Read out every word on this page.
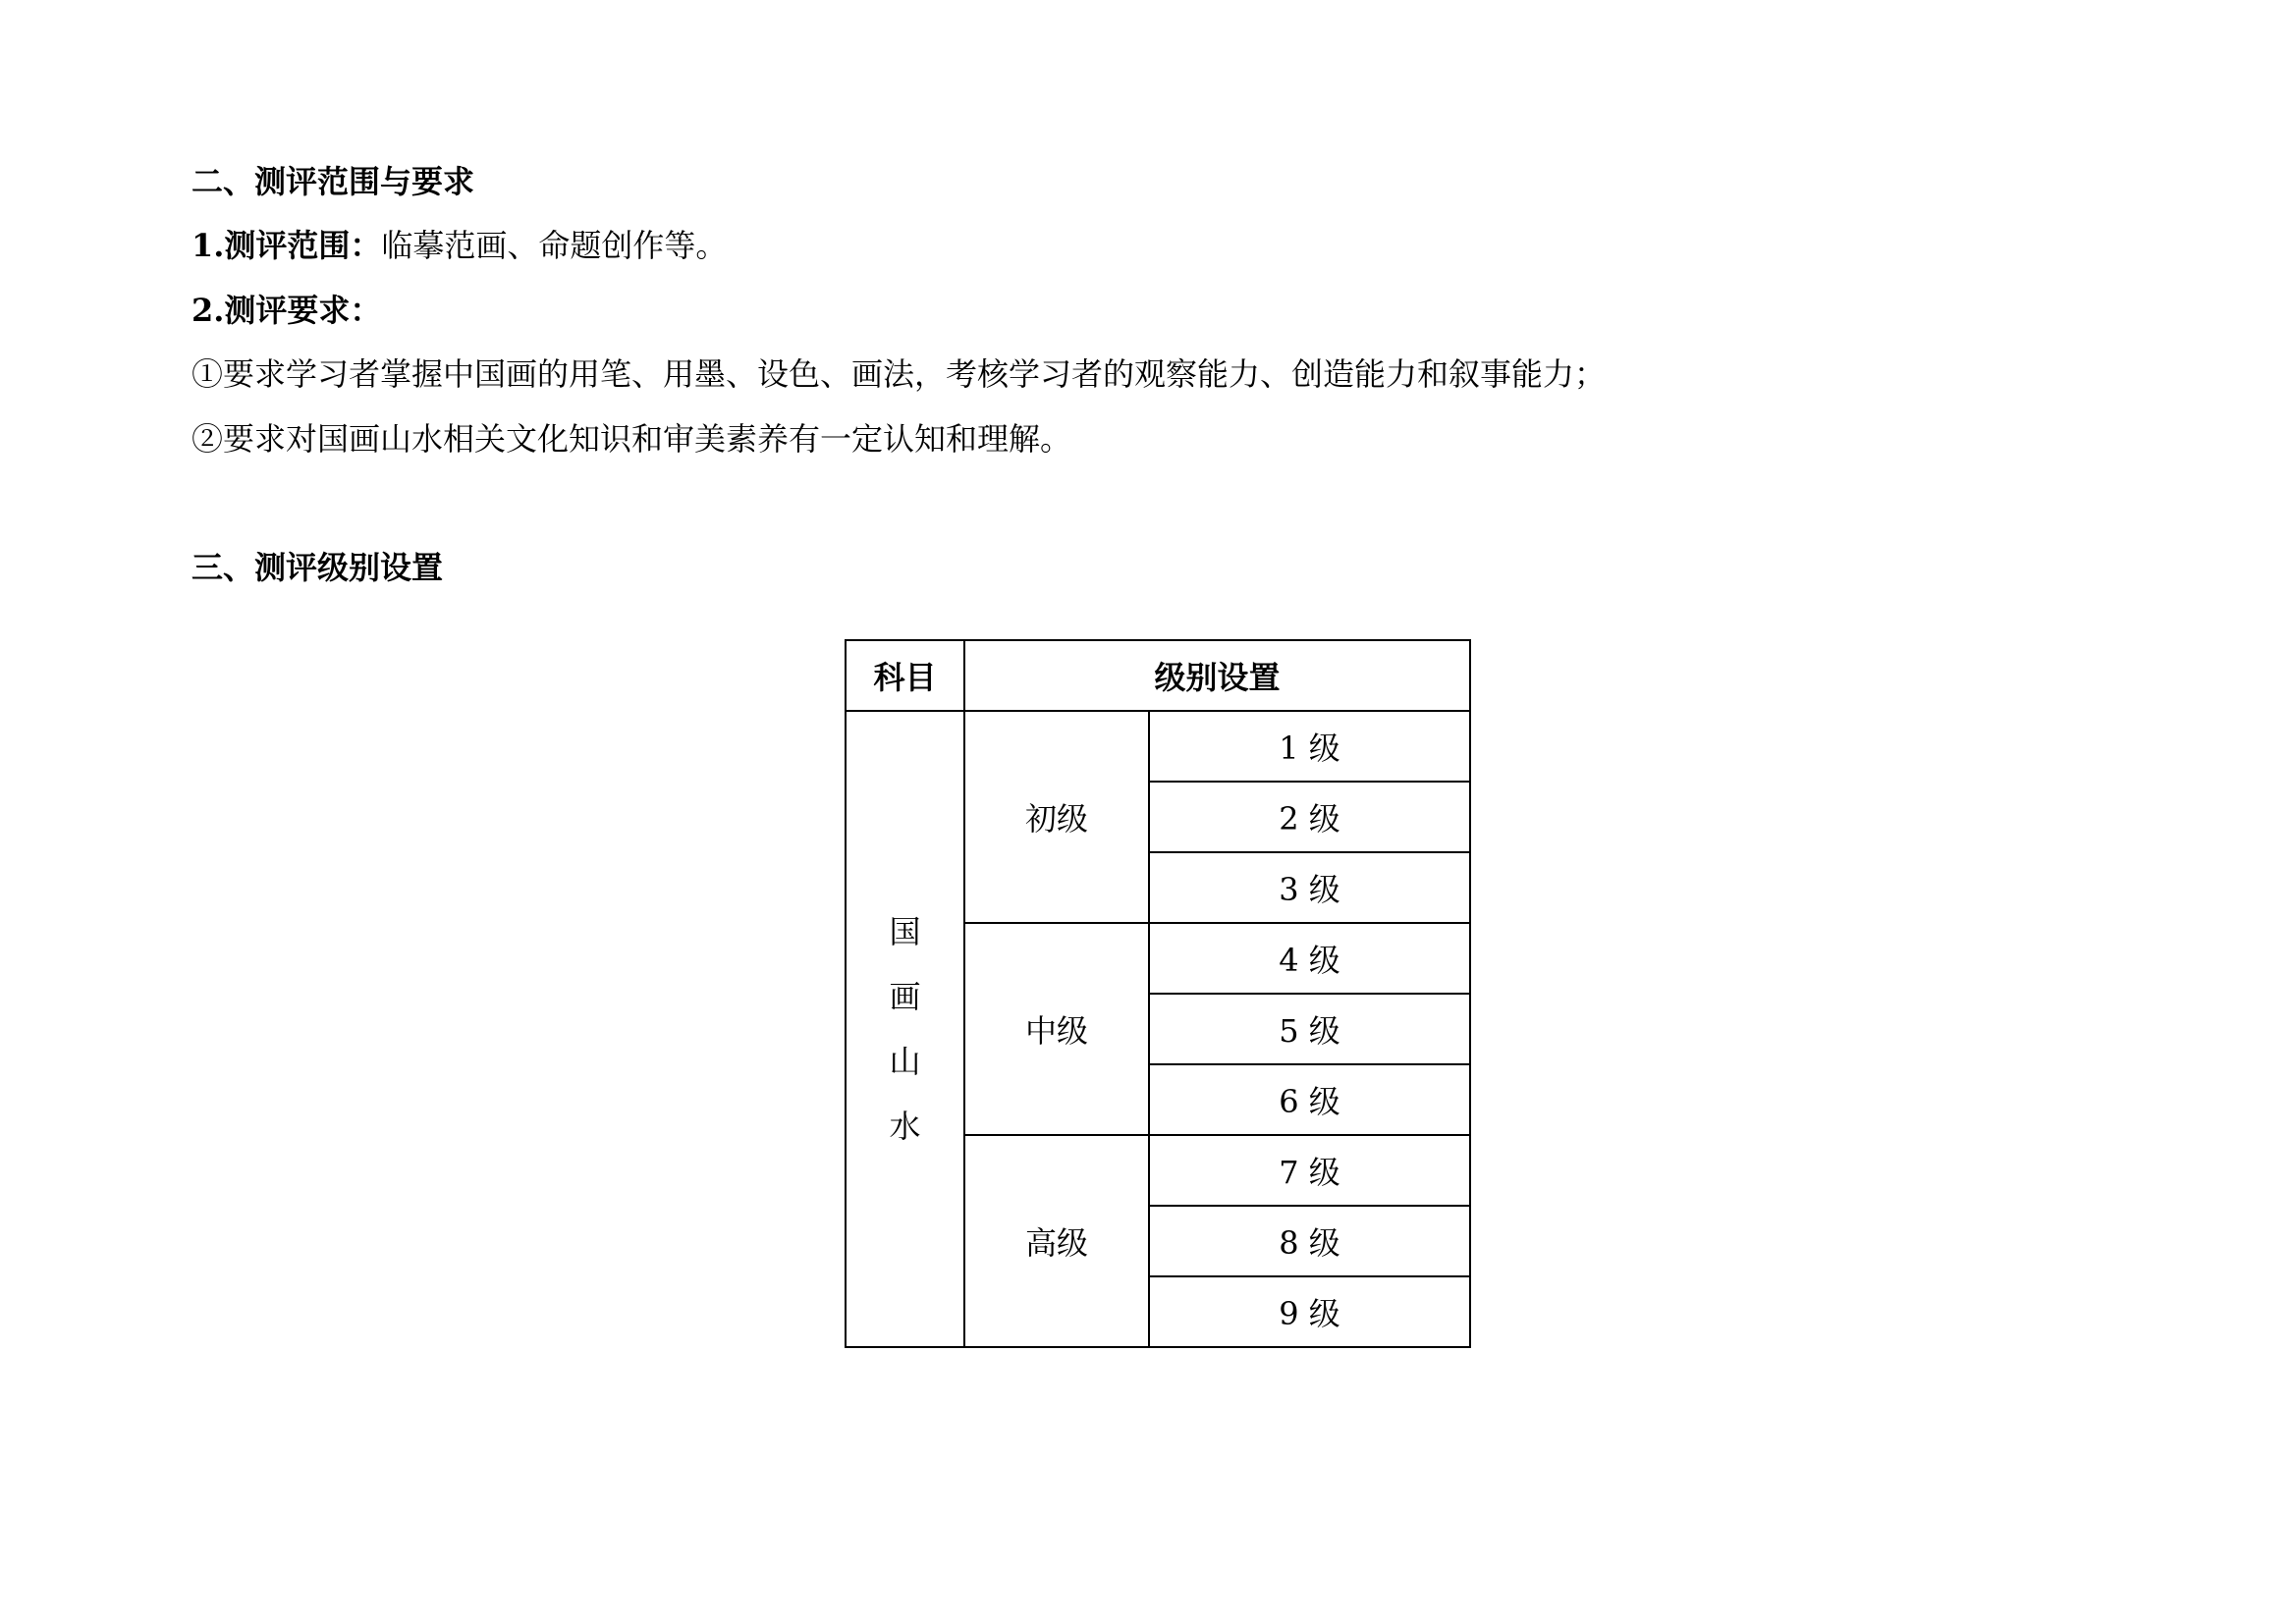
二、测评范围与要求
1.测评范围：临摹范画、命题创作等。
2.测评要求：
①要求学习者掌握中国画的用笔、用墨、设色、画法，考核学习者的观察能力、创造能力和叙事能力；
②要求对国画山水相关文化知识和审美素养有一定认知和理解。
三、测评级别设置
科目	级别设置	
国画山水	初级	1 级
		2 级
		3 级
	中级	4 级
		5 级
		6 级
	高级	7 级
		8 级
		9 级
